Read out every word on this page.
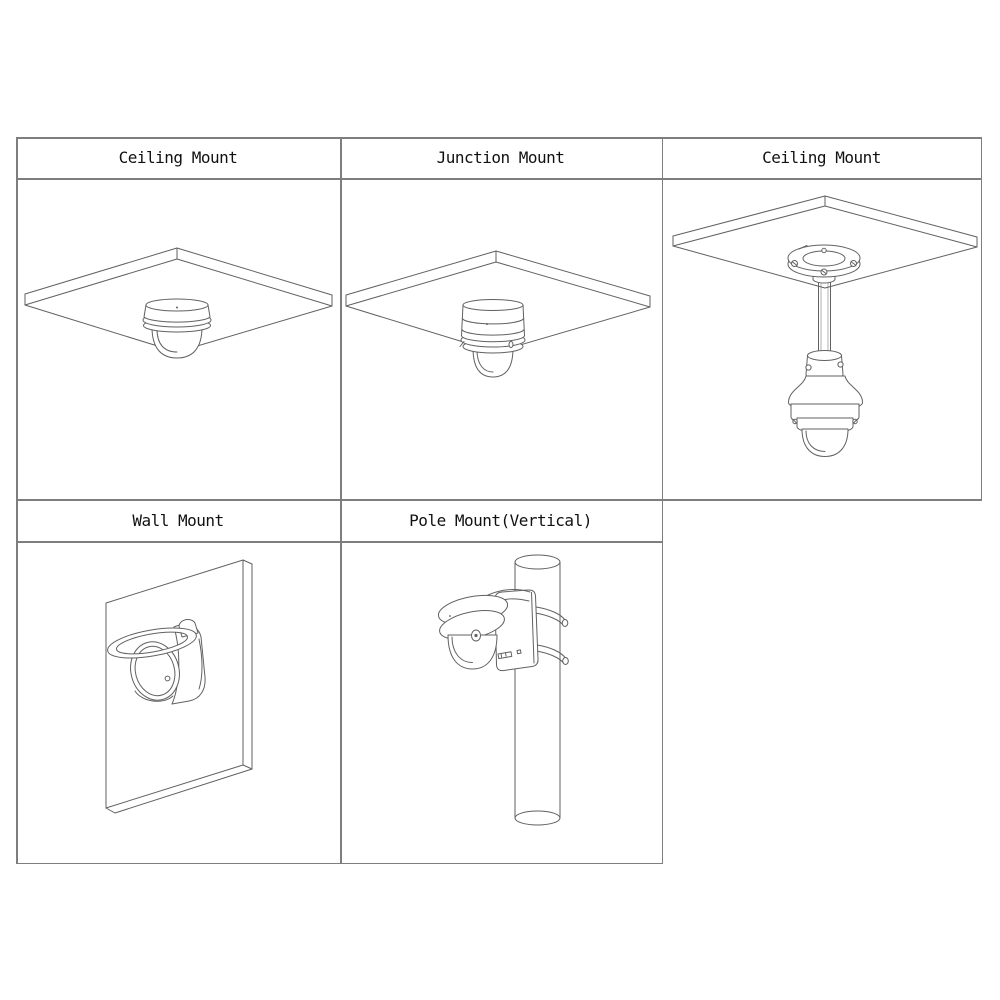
Ceiling Mount	Junction Mount	Ceiling Mount
Wall Mount	Pole Mount(Vertical)
